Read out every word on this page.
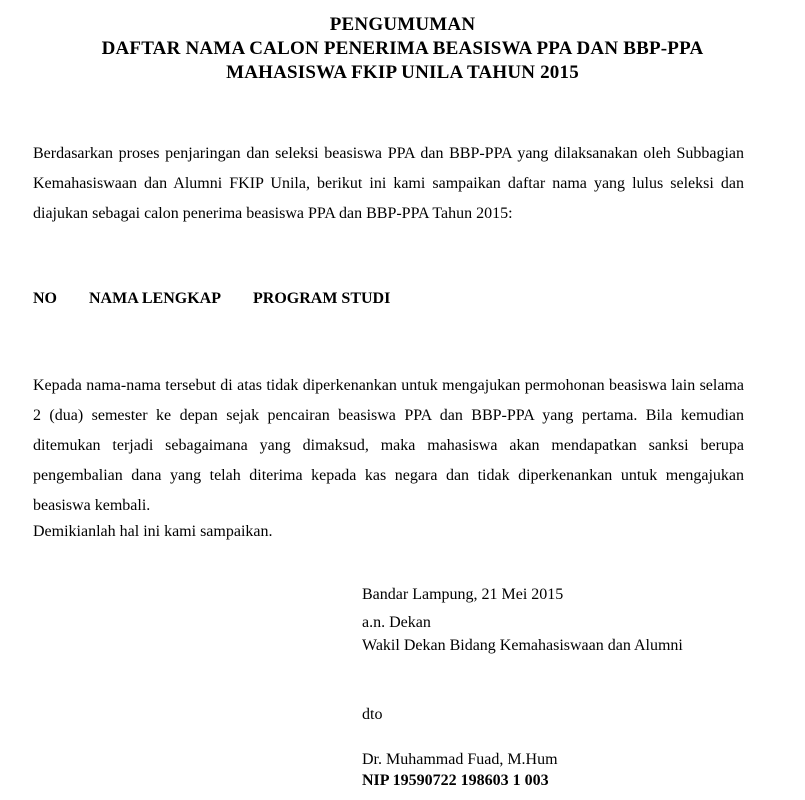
PENGUMUMAN
DAFTAR NAMA CALON PENERIMA BEASISWA PPA DAN BBP-PPA
MAHASISWA FKIP UNILA TAHUN 2015

Berdasarkan proses penjaringan dan seleksi beasiswa PPA dan BBP-PPA yang dilaksanakan oleh Subbagian Kemahasiswaan dan Alumni FKIP Unila, berikut ini kami sampaikan daftar nama yang lulus seleksi dan diajukan sebagai calon penerima beasiswa PPA dan BBP-PPA Tahun 2015:

NO NAMA LENGKAP PROGRAM STUDI

Kepada nama-nama tersebut di atas tidak diperkenankan untuk mengajukan permohonan beasiswa lain selama 2 (dua) semester ke depan sejak pencairan beasiswa PPA dan BBP-PPA yang pertama. Bila kemudian ditemukan terjadi sebagaimana yang dimaksud, maka mahasiswa akan mendapatkan sanksi berupa pengembalian dana yang telah diterima kepada kas negara dan tidak diperkenankan untuk mengajukan beasiswa kembali.

Demikianlah hal ini kami sampaikan.

Bandar Lampung, 21 Mei 2015

a.n. Dekan

Wakil Dekan Bidang Kemahasiswaan dan Alumni

dto

Dr. Muhammad Fuad, M.Hum

NIP 19590722 198603 1 003
